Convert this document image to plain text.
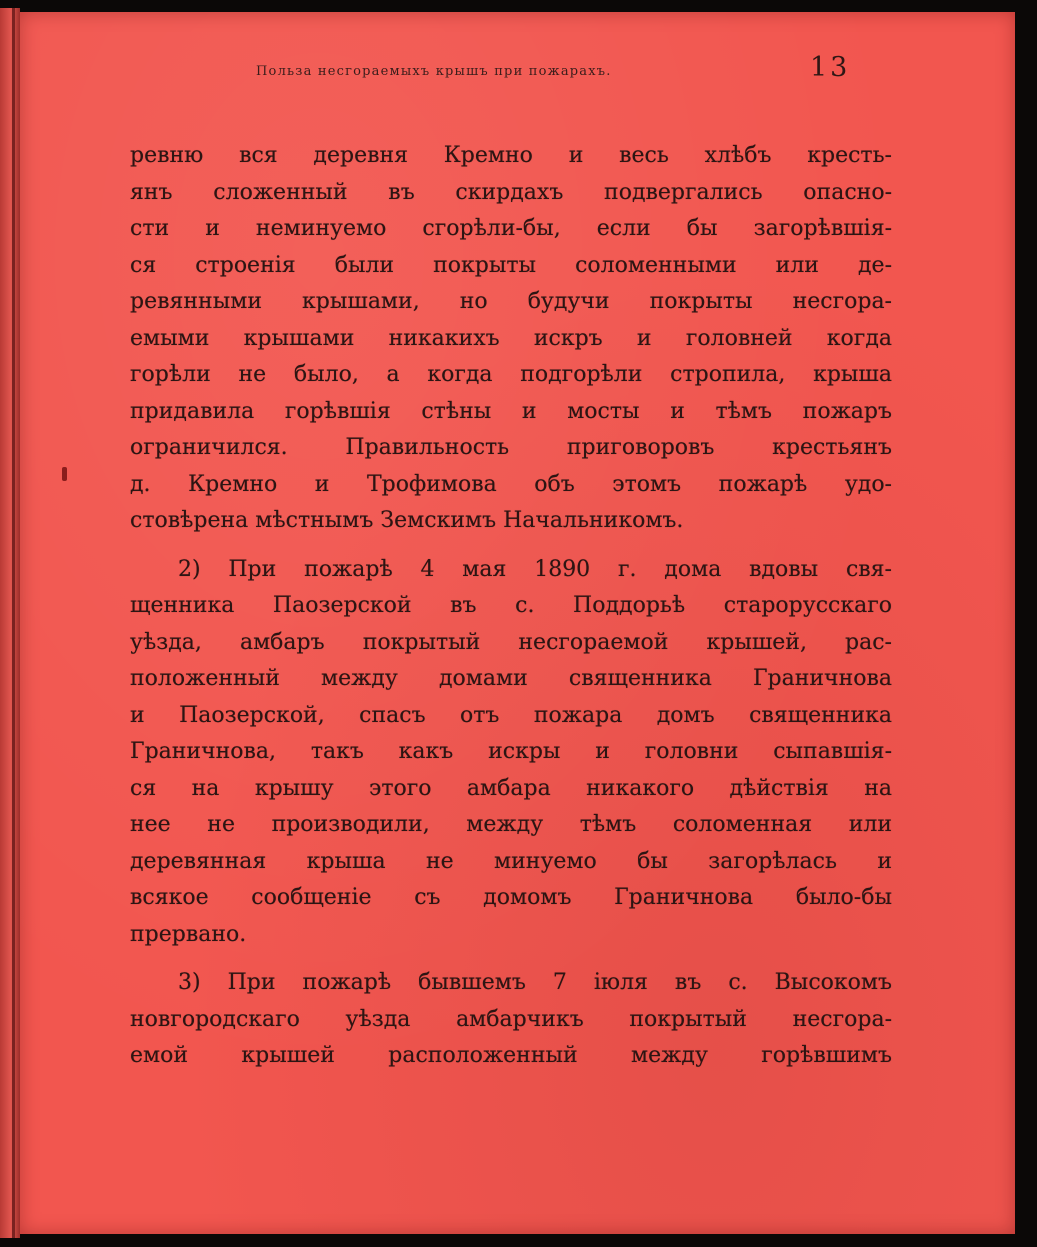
Польза несгораемыхъ крышъ при пожарахъ.	13
ревню вся деревня Кремно и весь хлѣбъ кресть-
янъ сложенный въ скирдахъ подвергались опасно-
сти и неминуемо сгорѣли-бы, если бы загорѣвшія-
ся строенія были покрыты соломенными или де-
ревянными крышами, но будучи покрыты несгора-
емыми крышами никакихъ искръ и головней когда
горѣли не было, а когда подгорѣли стропила, крыша
придавила горѣвшія стѣны и мосты и тѣмъ пожаръ
ограничился. Правильность приговоровъ крестьянъ
д. Кремно и Трофимова объ этомъ пожарѣ удо-
стовѣрена мѣстнымъ Земскимъ Начальникомъ.
2) При пожарѣ 4 мая 1890 г. дома вдовы свя-
щенника Паозерской въ с. Поддорьѣ старорусскаго
уѣзда, амбаръ покрытый несгораемой крышей, рас-
положенный между домами священника Граничнова
и Паозерской, спасъ отъ пожара домъ священника
Граничнова, такъ какъ искры и головни сыпавшія-
ся на крышу этого амбара никакого дѣйствія на
нее не производили, между тѣмъ соломенная или
деревянная крыша не минуемо бы загорѣлась и
всякое сообщеніе съ домомъ Граничнова было-бы
прервано.
3) При пожарѣ бывшемъ 7 іюля въ с. Высокомъ
новгородскаго уѣзда амбарчикъ покрытый несгора-
емой крышей расположенный между горѣвшимъ
